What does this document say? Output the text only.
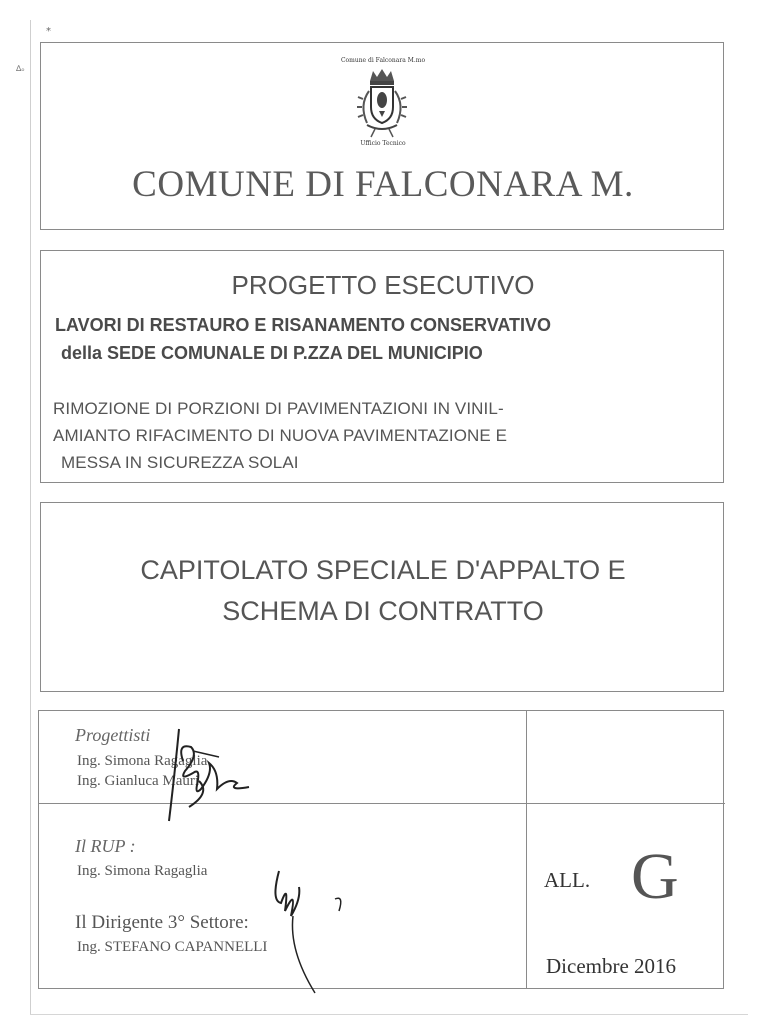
*
∆ₒ
Comune di Falconara M.mo
Ufficio Tecnico
COMUNE DI FALCONARA M.
PROGETTO ESECUTIVO
LAVORI DI RESTAURO E RISANAMENTO CONSERVATIVO
della SEDE COMUNALE DI P.ZZA DEL MUNICIPIO
RIMOZIONE DI PORZIONI DI PAVIMENTAZIONI IN VINIL-
AMIANTO RIFACIMENTO DI NUOVA PAVIMENTAZIONE E
MESSA IN SICUREZZA SOLAI
CAPITOLATO SPECIALE D'APPALTO E
SCHEMA DI CONTRATTO
Progettisti
Ing. Simona Ragaglia
Ing. Gianluca Mauri
Il RUP :
Ing. Simona Ragaglia
Il Dirigente 3° Settore:
Ing. STEFANO CAPANNELLI
ALL. G
Dicembre 2016
